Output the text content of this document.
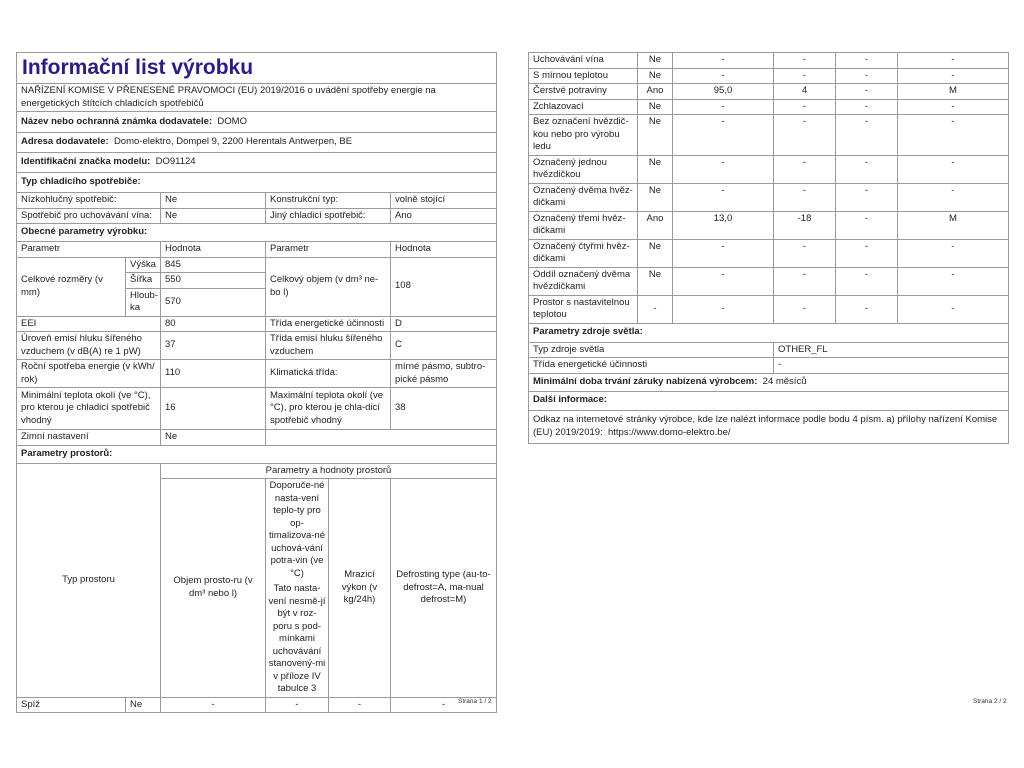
Informační list výrobku					
NAŘÍZENÍ KOMISE V PŘENESENÉ PRAVOMOCI (EU) 2019/2016 o uvádění spotřeby energie na energetických štítcích chladicích spotřebičů					
Název nebo ochranná známka dodavatele: DOMO					
Adresa dodavatele: Domo-elektro, Dompel 9, 2200 Herentals Antwerpen, BE					
Identifikační značka modelu: DO91124					
Typ chladicího spotřebiče:					
Nízkohlučný spotřebič:		Ne	Konstrukční typ:		volně stojící
Spotřebič pro uchovávání vína:		Ne	Jiný chladicí spotřebič:		Ano
Obecné parametry výrobku:					
Parametr		Hodnota	Parametr		Hodnota
Celkové rozměry (v mm)	Výška	845	Celkový objem (v dm³ ne-bo l)		108
	Šířka	550			
	Hloub-ka	570			
EEI		80	Třída energetické účinnosti		D
Úroveň emisí hluku šířeného vzduchem (v dB(A) re 1 pW)		37	Třída emisí hluku šířeného vzduchem		C
Roční spotřeba energie (v kWh/ rok)		110	Klimatická třída:		mírné pásmo, subtro-pické pásmo
Minimální teplota okolí (ve °C), pro kterou je chladicí spotřebič vhodný		16	Maximální teplota okolí (ve °C), pro kterou je chla-dicí spotřebič vhodný		38
Zimní nastavení		Ne			
Parametry prostorů:					
Typ prostoru		Parametry a hodnoty prostorů			
		Objem prosto-ru (v dm³ nebo l)	Doporuče-né nasta-vení teplo-ty pro op-timalizova-né uchová-vání potra-vin (ve °C)
Tato nasta-vení nesmě-jí být v roz-poru s pod-mínkami uchovávání stanovený-mi v příloze IV tabulce 3	Mrazicí výkon (v kg/24h)	Defrosting type (au-to-defrost=A, ma-nual defrost=M)
Spíž	Ne	-	-	-	- Strana 1 / 2
Uchovávání vína	Ne	-	-	-	-
S mírnou teplotou	Ne	-	-	-	-
Čerstvé potraviny	Ano	95,0	4	-	M
Zchlazovací	Ne	-	-	-	-
Bez označení hvězdič-kou nebo pro výrobu ledu	Ne	-	-	-	-
Označený jednou hvězdičkou	Ne	-	-	-	-
Označený dvěma hvěz-dičkami	Ne	-	-	-	-
Označený třemi hvěz-dičkami	Ano	13,0	-18	-	M
Označený čtyřmi hvěz-dičkami	Ne	-	-	-	-
Oddíl označený dvěma hvězdičkami	Ne	-	-	-	-
Prostor s nastavitelnou teplotou	-	-	-	-	-
Parametry zdroje světla:					
Typ zdroje světla			OTHER_FL		
Třída energetické účinnosti			-		
Minimální doba trvání záruky nabízená výrobcem: 24 měsíců					
Další informace:					
Odkaz na internetové stránky výrobce, kde lze nalézt informace podle bodu 4 písm. a) přílohy nařízení Komise (EU) 2019/2019: https://www.domo-elektro.be/					
Strana 2 / 2
